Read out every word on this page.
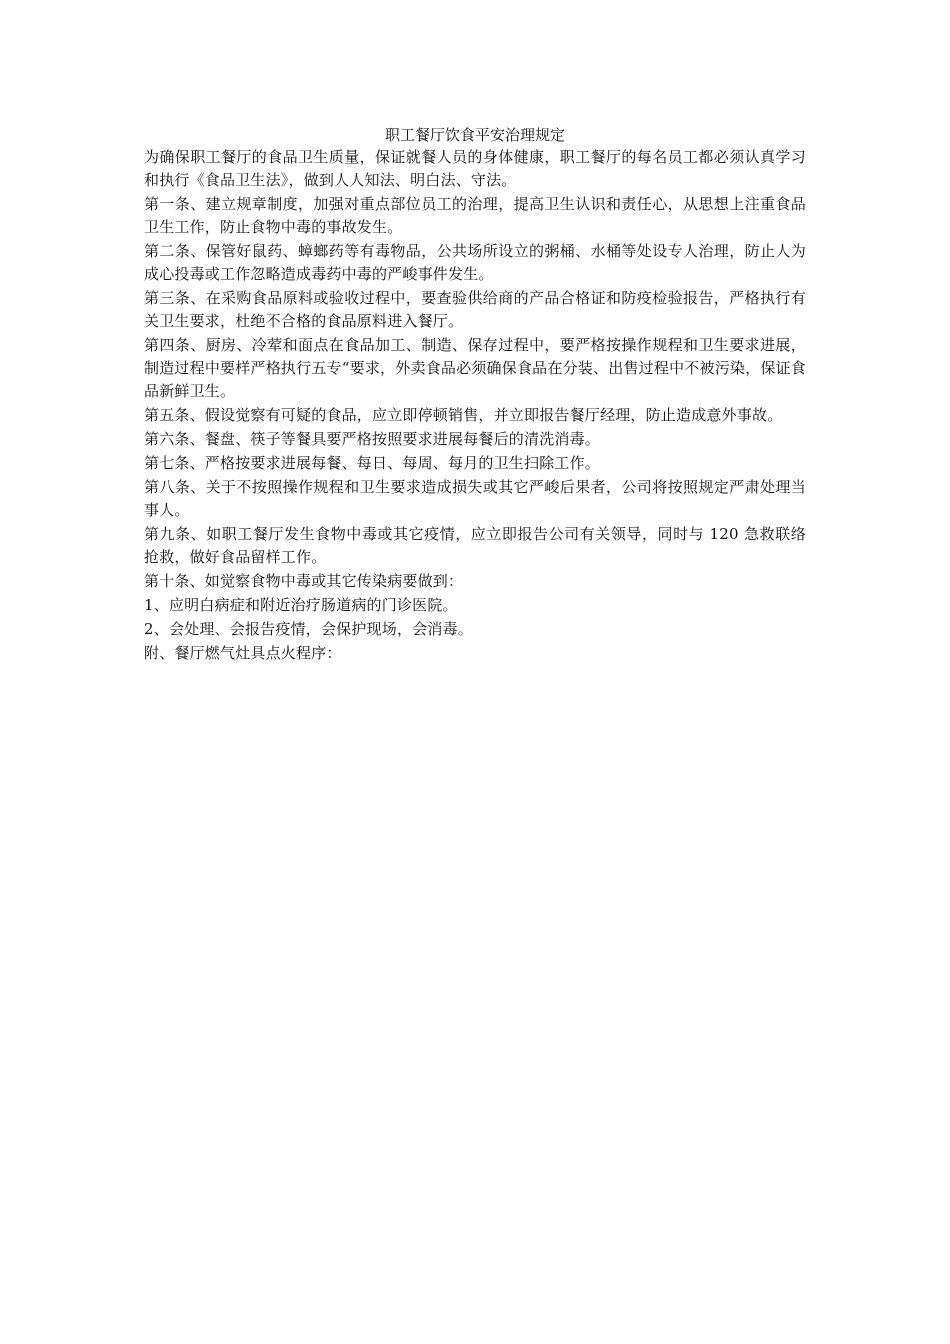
职工餐厅饮食平安治理规定

为确保职工餐厅的食品卫生质量，保证就餐人员的身体健康，职工餐厅的每名员工都必须认真学习和执行《食品卫生法》，做到人人知法、明白法、守法。

第一条、建立规章制度，加强对重点部位员工的治理，提高卫生认识和责任心，从思想上注重食品卫生工作，防止食物中毒的事故发生。

第二条、保管好鼠药、蟑螂药等有毒物品，公共场所设立的粥桶、水桶等处设专人治理，防止人为成心投毒或工作忽略造成毒药中毒的严峻事件发生。

第三条、在采购食品原料或验收过程中，要查验供给商的产品合格证和防疫检验报告，严格执行有关卫生要求，杜绝不合格的食品原料进入餐厅。

第四条、厨房、冷荤和面点在食品加工、制造、保存过程中，要严格按操作规程和卫生要求进展，制造过程中要样严格执行五专“要求，外卖食品必须确保食品在分装、出售过程中不被污染，保证食品新鲜卫生。

第五条、假设觉察有可疑的食品，应立即停顿销售，并立即报告餐厅经理，防止造成意外事故。

第六条、餐盘、筷子等餐具要严格按照要求进展每餐后的清洗消毒。

第七条、严格按要求进展每餐、每日、每周、每月的卫生扫除工作。

第八条、关于不按照操作规程和卫生要求造成损失或其它严峻后果者，公司将按照规定严肃处理当事人。

第九条、如职工餐厅发生食物中毒或其它疫情，应立即报告公司有关领导，同时与 120 急救联络抢救，做好食品留样工作。

第十条、如觉察食物中毒或其它传染病要做到：

1、应明白病症和附近治疗肠道病的门诊医院。

2、会处理、会报告疫情，会保护现场，会消毒。

附、餐厅燃气灶具点火程序：
